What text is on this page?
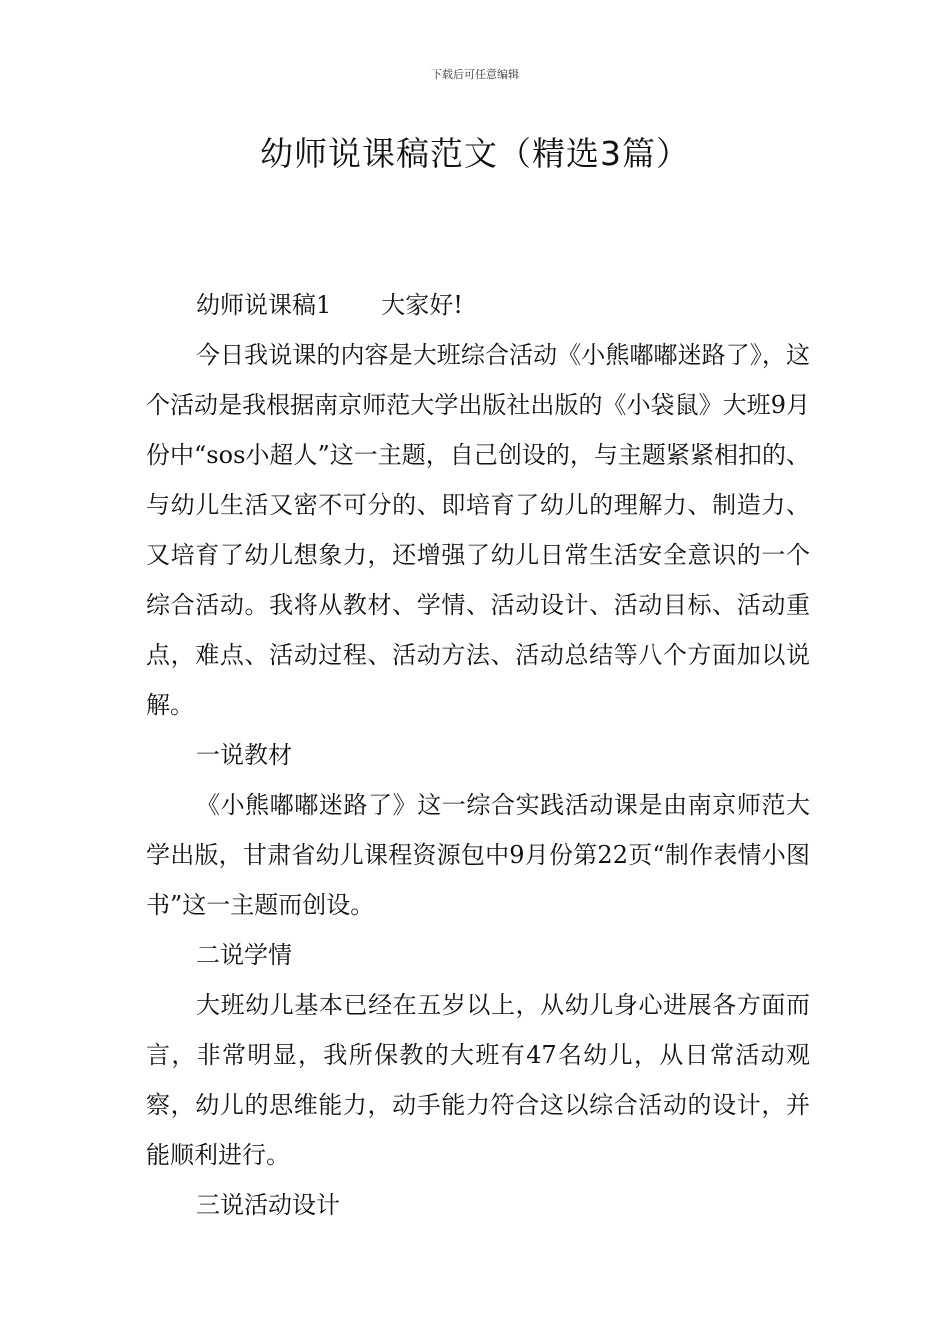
下载后可任意编辑
幼师说课稿范文（精选3篇）

幼师说课稿1 大家好!

今日我说课的内容是大班综合活动《小熊嘟嘟迷路了》，这个活动是我根据南京师范大学出版社出版的《小袋鼠》大班9月份中“sos小超人”这一主题，自己创设的，与主题紧紧相扣的、与幼儿生活又密不可分的、即培育了幼儿的理解力、制造力、又培育了幼儿想象力，还增强了幼儿日常生活安全意识的一个综合活动。我将从教材、学情、活动设计、活动目标、活动重点，难点、活动过程、活动方法、活动总结等八个方面加以说解。

一说教材

《小熊嘟嘟迷路了》这一综合实践活动课是由南京师范大学出版，甘肃省幼儿课程资源包中9月份第22页“制作表情小图书”这一主题而创设。

二说学情

大班幼儿基本已经在五岁以上，从幼儿身心进展各方面而言，非常明显，我所保教的大班有47名幼儿，从日常活动观察，幼儿的思维能力，动手能力符合这以综合活动的设计，并能顺利进行。

三说活动设计
